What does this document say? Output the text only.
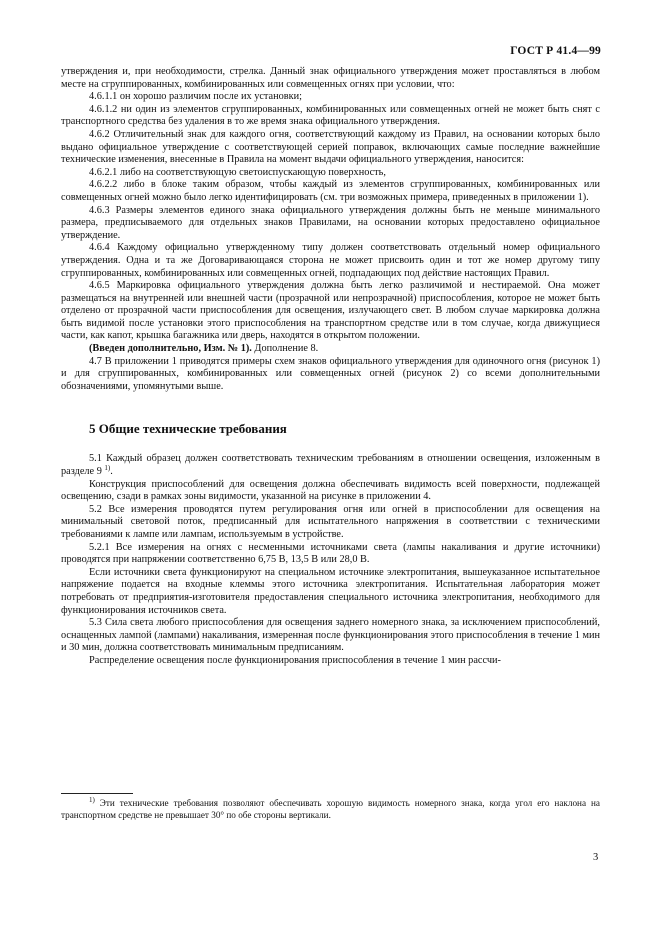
ГОСТ Р 41.4—99

утверждения и, при необходимости, стрелка. Данный знак официального утверждения может проставляться в любом месте на сгруппированных, комбинированных или совмещенных огнях при условии, что:

4.6.1.1 он хорошо различим после их установки;

4.6.1.2 ни один из элементов сгруппированных, комбинированных или совмещенных огней не может быть снят с транспортного средства без удаления в то же время знака официального утверждения.

4.6.2 Отличительный знак для каждого огня, соответствующий каждому из Правил, на основании которых было выдано официальное утверждение с соответствующей серией поправок, включающих самые последние важнейшие технические изменения, внесенные в Правила на момент выдачи официального утверждения, наносится:

4.6.2.1 либо на соответствующую светоиспускающую поверхность,

4.6.2.2 либо в блоке таким образом, чтобы каждый из элементов сгруппированных, комбинированных или совмещенных огней можно было легко идентифицировать (см. три возможных примера, приведенных в приложении 1).

4.6.3 Размеры элементов единого знака официального утверждения должны быть не меньше минимального размера, предписываемого для отдельных знаков Правилами, на основании которых предоставлено официальное утверждение.

4.6.4 Каждому официально утвержденному типу должен соответствовать отдельный номер официального утверждения. Одна и та же Договаривающаяся сторона не может присвоить один и тот же номер другому типу сгруппированных, комбинированных или совмещенных огней, подпадающих под действие настоящих Правил.

4.6.5 Маркировка официального утверждения должна быть легко различимой и нестираемой. Она может размещаться на внутренней или внешней части (прозрачной или непрозрачной) приспособления, которое не может быть отделено от прозрачной части приспособления для освещения, излучающего свет. В любом случае маркировка должна быть видимой после установки этого приспособления на транспортном средстве или в том случае, когда движущиеся части, как капот, крышка багажника или дверь, находятся в открытом положении.

(Введен дополнительно, Изм. № 1). Дополнение 8.

4.7 В приложении 1 приводятся примеры схем знаков официального утверждения для одиночного огня (рисунок 1) и для сгруппированных, комбинированных или совмещенных огней (рисунок 2) со всеми дополнительными обозначениями, упомянутыми выше.

5 Общие технические требования

5.1 Каждый образец должен соответствовать техническим требованиям в отношении освещения, изложенным в разделе 9 $^{1)}$.

Конструкция приспособлений для освещения должна обеспечивать видимость всей поверхности, подлежащей освещению, сзади в рамках зоны видимости, указанной на рисунке в приложении 4.

5.2 Все измерения проводятся путем регулирования огня или огней в приспособлении для освещения на минимальный световой поток, предписанный для испытательного напряжения в соответствии с техническими требованиями к лампе или лампам, используемым в устройстве.

5.2.1 Все измерения на огнях с несменными источниками света (лампы накаливания и другие источники) проводятся при напряжении соответственно 6,75 В, 13,5 В или 28,0 В.

Если источники света функционируют на специальном источнике электропитания, вышеуказанное испытательное напряжение подается на входные клеммы этого источника электропитания. Испытательная лаборатория может потребовать от предприятия-изготовителя предоставления специального источника электропитания, необходимого для функционирования источников света.

5.3 Сила света любого приспособления для освещения заднего номерного знака, за исключением приспособлений, оснащенных лампой (лампами) накаливания, измеренная после функционирования этого приспособления в течение 1 мин и 30 мин, должна соответствовать минимальным предписаниям.

Распределение освещения после функционирования приспособления в течение 1 мин рассчи-

$^{1)}$ Эти технические требования позволяют обеспечивать хорошую видимость номерного знака, когда угол его наклона на транспортном средстве не превышает 30° по обе стороны вертикали.

3
